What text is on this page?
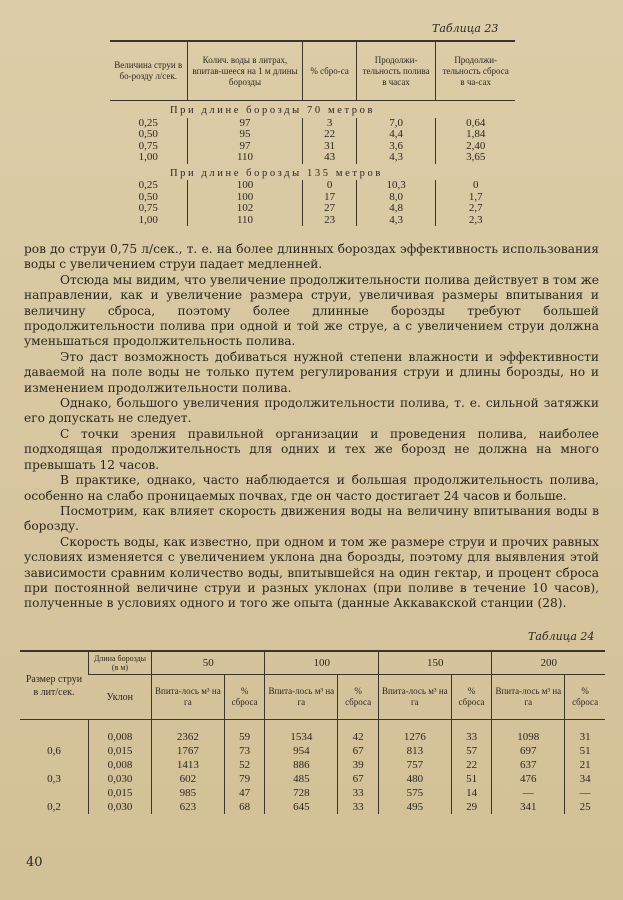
Таблица 23
Величина струи в бо-розду л/сек.	Колич. воды в литрах, впитав-шееся на 1 м длины борозды	% сбро-са	Продолжи-тельность полива в часах	Продолжи-тельность сброса в ча-сах
При длине борозды 70 метров				
0,25	97	3	7,0	0,64
0,50	95	22	4,4	1,84
0,75	97	31	3,6	2,40
1,00	110	43	4,3	3,65
При длине борозды 135 метров				
0,25	100	0	10,3	0
0,50	100	17	8,0	1,7
0,75	102	27	4,8	2,7
1,00	110	23	4,3	2,3

ров до струи 0,75 л/сек., т. е. на более длинных бороздах эффективность использования воды с увеличением струи падает медленней.

Отсюда мы видим, что увеличение продолжительности полива действует в том же направлении, как и увеличение размера струи, увеличивая размеры впитывания и величину сброса, поэтому более длинные борозды требуют большей продолжительности полива при одной и той же струе, а с увеличением струи должна уменьшаться продолжительность полива.

Это даст возможность добиваться нужной степени влажности и эффективности даваемой на поле воды не только путем регулирования струи и длины борозды, но и изменением продолжительности полива.

Однако, большого увеличения продолжительности полива, т. е. сильной затяжки его допускать не следует.

С точки зрения правильной организации и проведения полива, наиболее подходящая продолжительность для одних и тех же борозд не должна на много превышать 12 часов.

В практике, однако, часто наблюдается и большая продолжительность полива, особенно на слабо проницаемых почвах, где он часто достигает 24 часов и больше.

Посмотрим, как влияет скорость движения воды на величину впитывания воды в борозду.

Скорость воды, как известно, при одном и том же размере струи и прочих равных условиях изменяется с увеличением уклона дна борозды, поэтому для выявления этой зависимости сравним количество воды, впитывшейся на один гектар, и процент сброса при постоянной величине струи и разных уклонах (при поливе в течение 10 часов), полученные в условиях одного и того же опыта (данные Аккавакской станции (28).

Таблица 24
Размер струи в лит/сек.	Длина борозды (в м)	50		100		150		200	
	Уклон	Впита-лось м³ на га	% сброса	Впита-лось м³ на га	% сброса	Впита-лось м³ на га	% сброса	Впита-лось м³ на га	% сброса
	0,008	2362	59	1534	42	1276	33	1098	31
0,6	0,015	1767	73	954	67	813	57	697	51
	0,008	1413	52	886	39	757	22	637	21
0,3	0,030	602	79	485	67	480	51	476	34
	0,015	985	47	728	33	575	14	—	—
0,2	0,030	623	68	645	33	495	29	341	25
40
